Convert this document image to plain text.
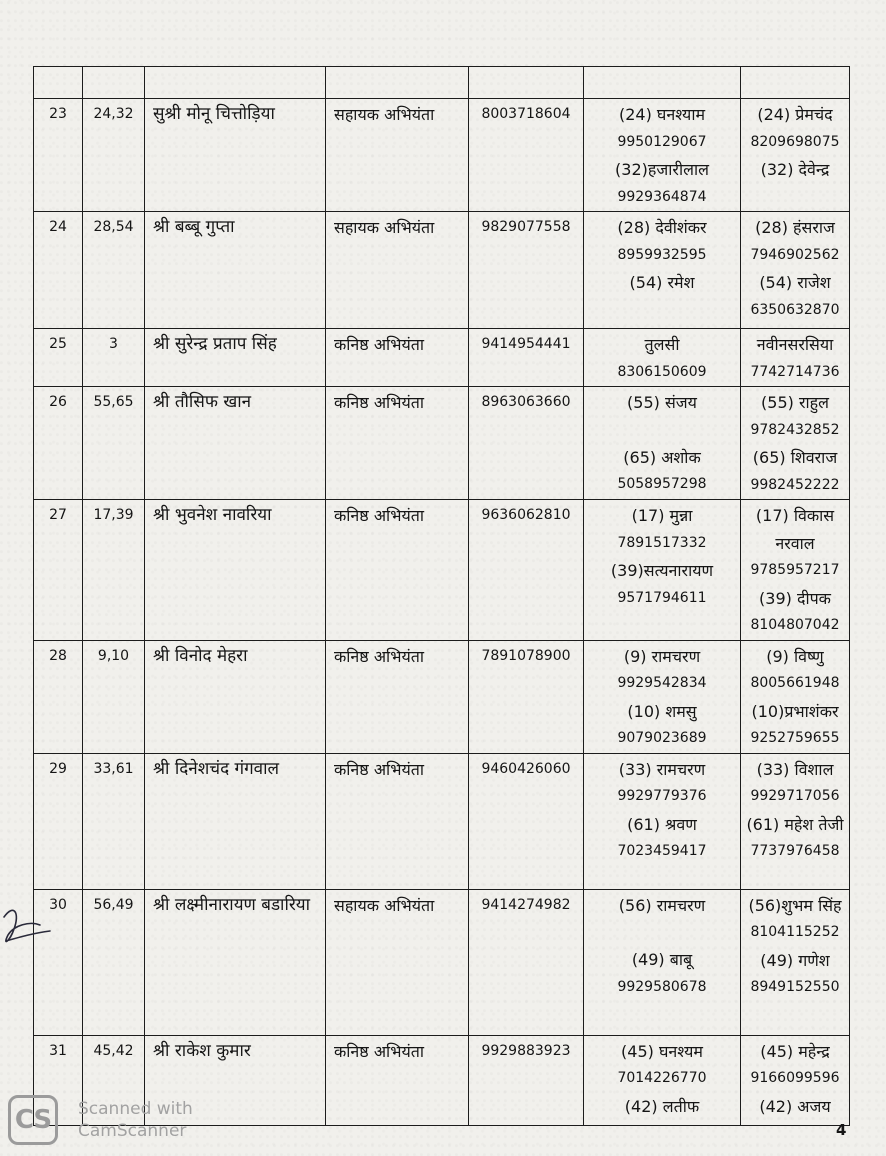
23	24,32	सुश्री मोनू चित्तोड़िया	सहायक अभियंता	8003718604	(24) घनश्याम
9950129067
(32)हजारीलाल
9929364874	(24) प्रेमचंद
8209698075
(32) देवेन्द्र

24	28,54	श्री बब्बू गुप्ता	सहायक अभियंता	9829077558	(28) देवीशंकर
8959932595
(54) रमेश	(28) हंसराज
7946902562
(54) राजेश
6350632870

25	3	श्री सुरेन्द्र प्रताप सिंह	कनिष्ठ अभियंता	9414954441	तुलसी
8306150609	नवीनसरसिया
7742714736

26	55,65	श्री तौसिफ खान	कनिष्ठ अभियंता	8963063660	(55) संजय
(65) अशोक
5058957298	(55) राहुल
9782432852
(65) शिवराज
9982452222

27	17,39	श्री भुवनेश नावरिया	कनिष्ठ अभियंता	9636062810	(17) मुन्ना
7891517332
(39)सत्यनारायण
9571794611	(17) विकास नरवाल
9785957217
(39) दीपक
8104807042

28	9,10	श्री विनोद मेहरा	कनिष्ठ अभियंता	7891078900	(9) रामचरण
9929542834
(10) शमसु
9079023689	(9) विष्णु
8005661948
(10)प्रभाशंकर
9252759655

29	33,61	श्री दिनेशचंद गंगवाल	कनिष्ठ अभियंता	9460426060	(33) रामचरण
9929779376
(61) श्रवण
7023459417	(33) विशाल
9929717056
(61) महेश तेजी
7737976458

30	56,49	श्री लक्ष्मीनारायण बडारिया	सहायक अभियंता	9414274982	(56) रामचरण
(49) बाबू
9929580678	(56)शुभम सिंह
8104115252
(49) गणेश
8949152550

31	45,42	श्री राकेश कुमार	कनिष्ठ अभियंता	9929883923	(45) घनश्यम
7014226770
(42) लतीफ	(45) महेन्द्र
9166099596
(42) अजय
CS	Scanned with
CamScanner	4
